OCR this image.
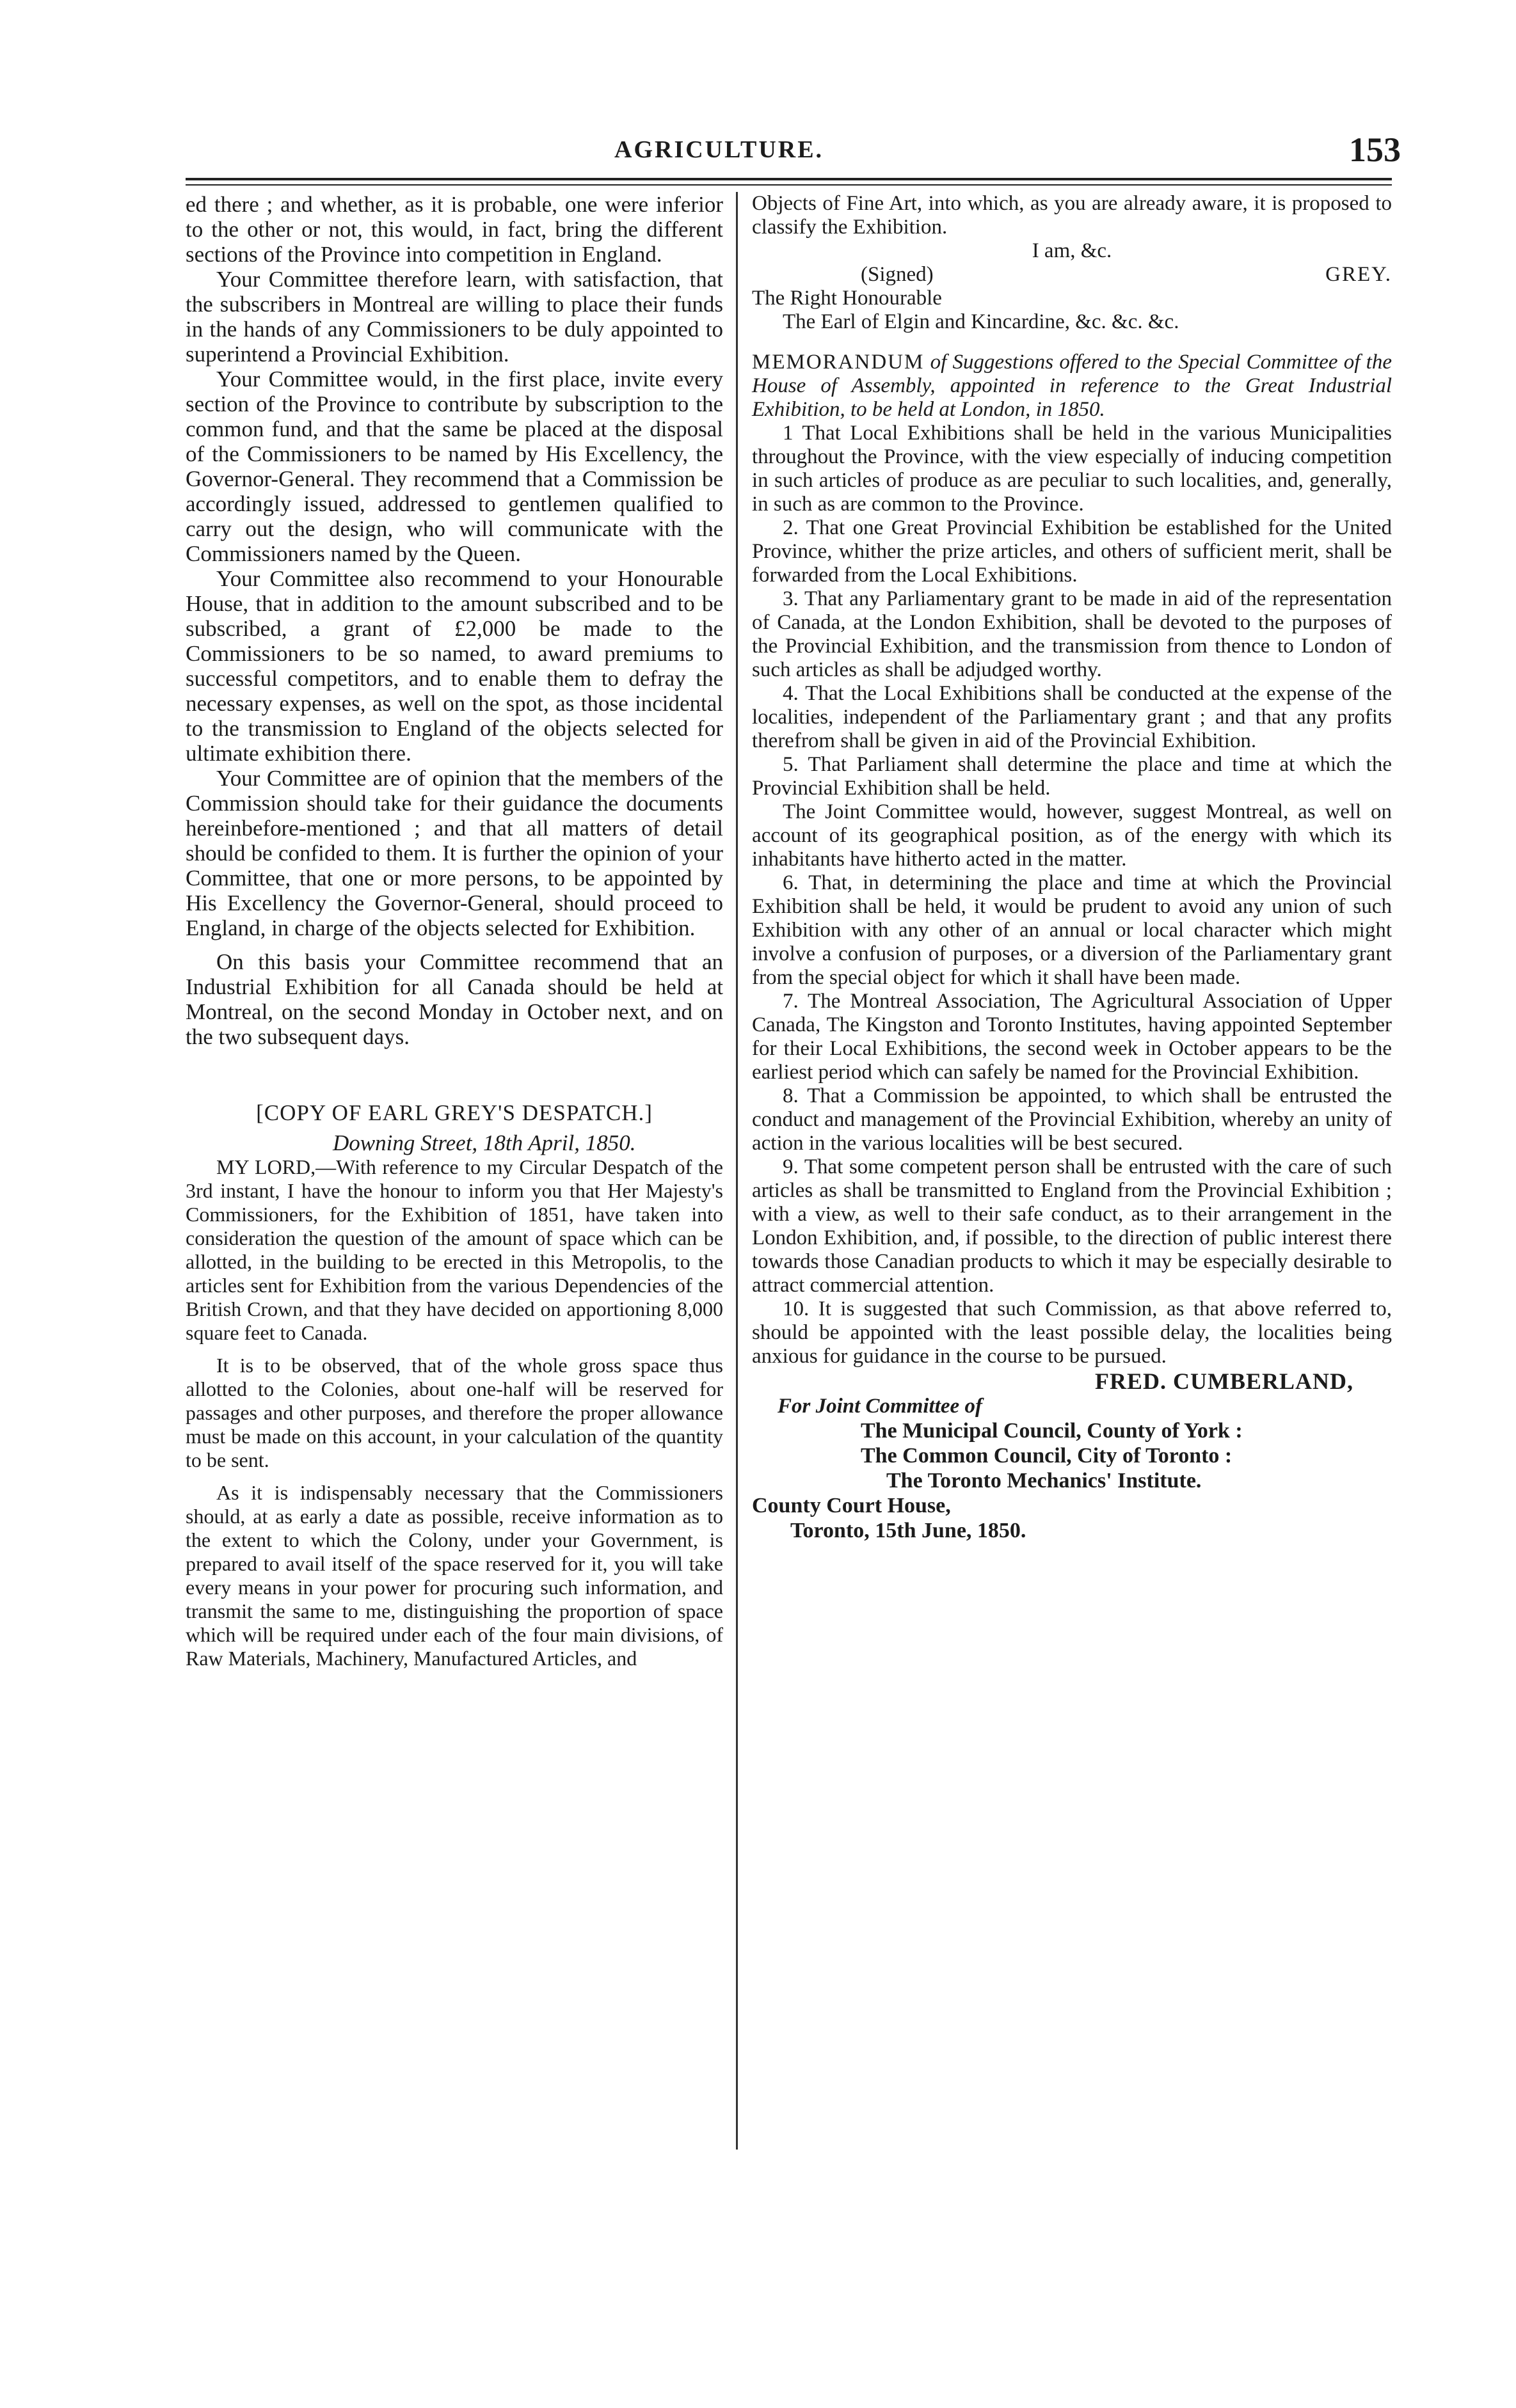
AGRICULTURE.	153

ed there ; and whether, as it is probable, one were inferior to the other or not, this would, in fact, bring the different sections of the Province into competition in England.

Your Committee therefore learn, with satisfaction, that the subscribers in Montreal are willing to place their funds in the hands of any Commissioners to be duly appointed to superintend a Provincial Exhibition.

Your Committee would, in the first place, invite every section of the Province to contribute by subscription to the common fund, and that the same be placed at the disposal of the Commissioners to be named by His Excellency, the Governor-General. They recommend that a Commission be accordingly issued, addressed to gentlemen qualified to carry out the design, who will communicate with the Commissioners named by the Queen.

Your Committee also recommend to your Honourable House, that in addition to the amount subscribed and to be subscribed, a grant of £2,000 be made to the Commissioners to be so named, to award premiums to successful competitors, and to enable them to defray the necessary expenses, as well on the spot, as those incidental to the transmission to England of the objects selected for ultimate exhibition there.

Your Committee are of opinion that the members of the Commission should take for their guidance the documents hereinbefore-mentioned ; and that all matters of detail should be confided to them. It is further the opinion of your Committee, that one or more persons, to be appointed by His Excellency the Governor-General, should proceed to England, in charge of the objects selected for Exhibition.

On this basis your Committee recommend that an Industrial Exhibition for all Canada should be held at Montreal, on the second Monday in October next, and on the two subsequent days.

[COPY OF EARL GREY'S DESPATCH.]

Downing Street, 18th April, 1850.

MY LORD,—With reference to my Circular Despatch of the 3rd instant, I have the honour to inform you that Her Majesty's Commissioners, for the Exhibition of 1851, have taken into consideration the question of the amount of space which can be allotted, in the building to be erected in this Metropolis, to the articles sent for Exhibition from the various Dependencies of the British Crown, and that they have decided on apportioning 8,000 square feet to Canada.

It is to be observed, that of the whole gross space thus allotted to the Colonies, about one-half will be reserved for passages and other purposes, and therefore the proper allowance must be made on this account, in your calculation of the quantity to be sent.

As it is indispensably necessary that the Commissioners should, at as early a date as possible, receive information as to the extent to which the Colony, under your Government, is prepared to avail itself of the space reserved for it, you will take every means in your power for procuring such information, and transmit the same to me, distinguishing the proportion of space which will be required under each of the four main divisions, of Raw Materials, Machinery, Manufactured Articles, and

Objects of Fine Art, into which, as you are already aware, it is proposed to classify the Exhibition.

I am, &c.

(Signed)	GREY.

The Right Honourable

The Earl of Elgin and Kincardine, &c. &c. &c.

MEMORANDUM of Suggestions offered to the Special Committee of the House of Assembly, appointed in reference to the Great Industrial Exhibition, to be held at London, in 1850.

1 That Local Exhibitions shall be held in the various Municipalities throughout the Province, with the view especially of inducing competition in such articles of produce as are peculiar to such localities, and, generally, in such as are common to the Province.

2. That one Great Provincial Exhibition be established for the United Province, whither the prize articles, and others of sufficient merit, shall be forwarded from the Local Exhibitions.

3. That any Parliamentary grant to be made in aid of the representation of Canada, at the London Exhibition, shall be devoted to the purposes of the Provincial Exhibition, and the transmission from thence to London of such articles as shall be adjudged worthy.

4. That the Local Exhibitions shall be conducted at the expense of the localities, independent of the Parliamentary grant ; and that any profits therefrom shall be given in aid of the Provincial Exhibition.

5. That Parliament shall determine the place and time at which the Provincial Exhibition shall be held.

The Joint Committee would, however, suggest Montreal, as well on account of its geographical position, as of the energy with which its inhabitants have hitherto acted in the matter.

6. That, in determining the place and time at which the Provincial Exhibition shall be held, it would be prudent to avoid any union of such Exhibition with any other of an annual or local character which might involve a confusion of purposes, or a diversion of the Parliamentary grant from the special object for which it shall have been made.

7. The Montreal Association, The Agricultural Association of Upper Canada, The Kingston and Toronto Institutes, having appointed September for their Local Exhibitions, the second week in October appears to be the earliest period which can safely be named for the Provincial Exhibition.

8. That a Commission be appointed, to which shall be entrusted the conduct and management of the Provincial Exhibition, whereby an unity of action in the various localities will be best secured.

9. That some competent person shall be entrusted with the care of such articles as shall be transmitted to England from the Provincial Exhibition ; with a view, as well to their safe conduct, as to their arrangement in the London Exhibition, and, if possible, to the direction of public interest there towards those Canadian products to which it may be especially desirable to attract commercial attention.

10. It is suggested that such Commission, as that above referred to, should be appointed with the least possible delay, the localities being anxious for guidance in the course to be pursued.

FRED. CUMBERLAND,

For Joint Committee of

The Municipal Council, County of York :

The Common Council, City of Toronto :

The Toronto Mechanics' Institute.

County Court House,

Toronto, 15th June, 1850.
